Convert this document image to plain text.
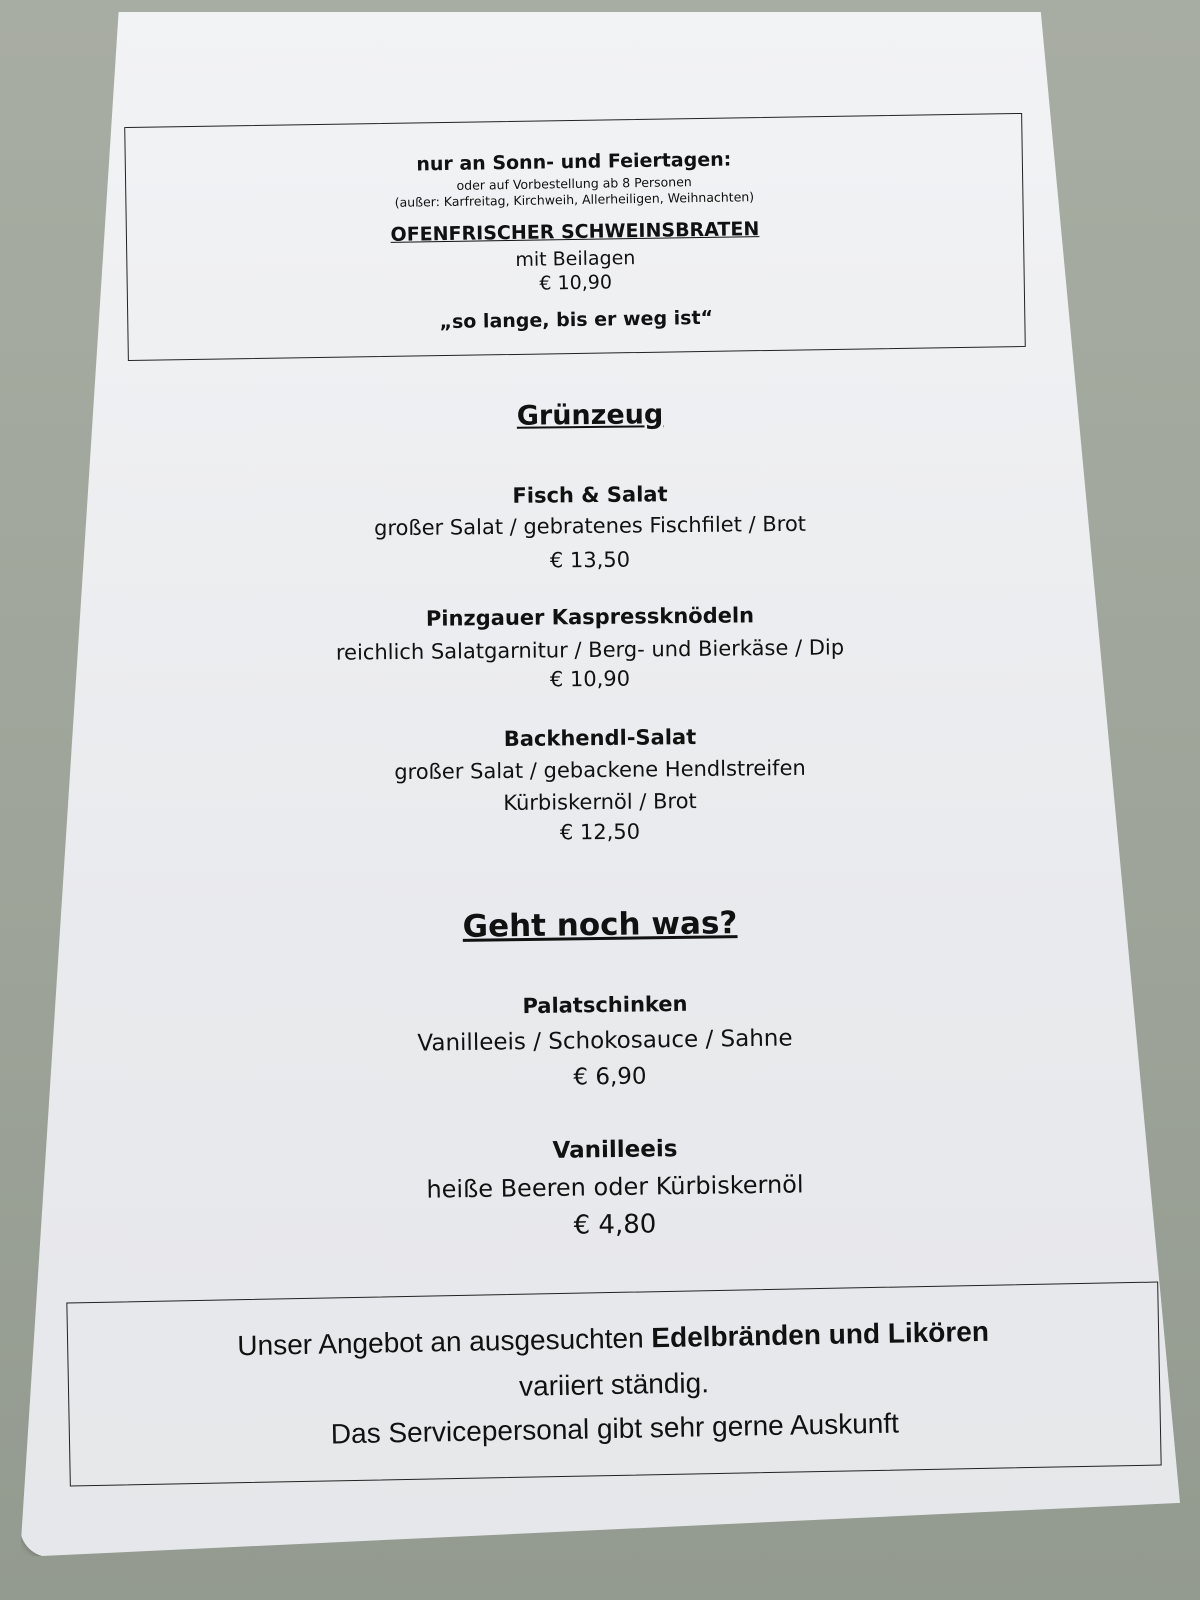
nur an Sonn- und Feiertagen:
oder auf Vorbestellung ab 8 Personen
(außer: Karfreitag, Kirchweih, Allerheiligen, Weihnachten)
OFENFRISCHER SCHWEINSBRATEN
mit Beilagen
€ 10,90
„so lange, bis er weg ist“
Grünzeug
Fisch & Salat
großer Salat / gebratenes Fischfilet / Brot
€ 13,50
Pinzgauer Kaspressknödeln
reichlich Salatgarnitur / Berg- und Bierkäse / Dip
€ 10,90
Backhendl-Salat
großer Salat / gebackene Hendlstreifen
Kürbiskernöl / Brot
€ 12,50
Geht noch was?
Palatschinken
Vanilleeis / Schokosauce / Sahne
€ 6,90
Vanilleeis
heiße Beeren oder Kürbiskernöl
€ 4,80
Unser Angebot an ausgesuchten Edelbränden und Likören
variiert ständig.
Das Servicepersonal gibt sehr gerne Auskunft
